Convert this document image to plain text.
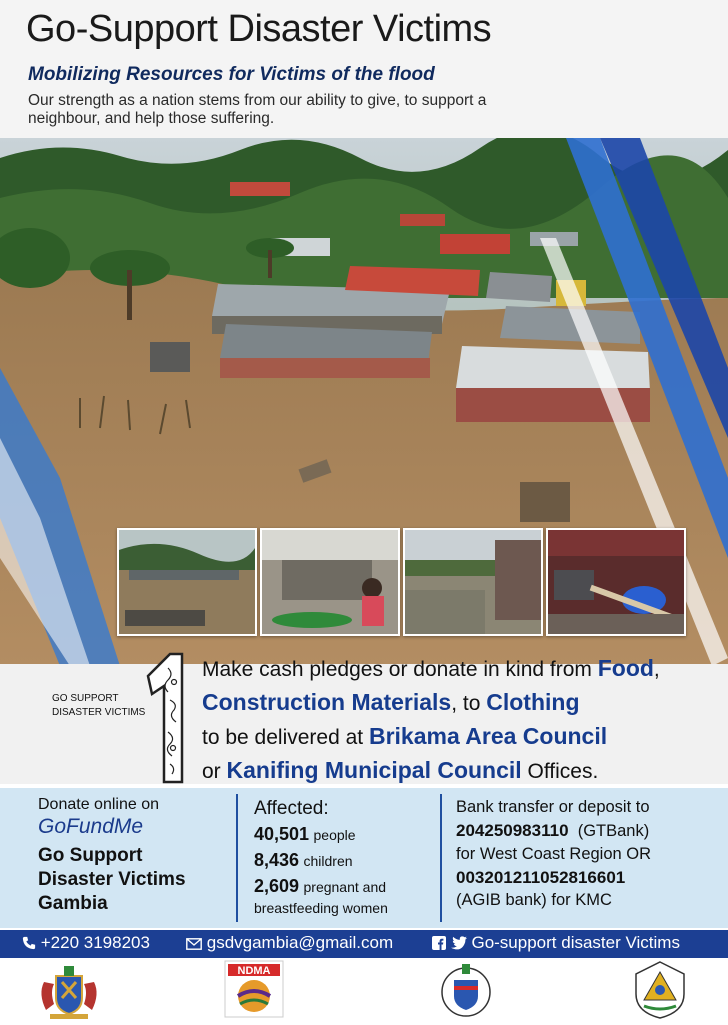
Go-Support Disaster Victims
Mobilizing Resources for Victims of the flood
Our strength as a nation stems from our ability to give, to support a neighbour, and help those suffering.
GO SUPPORT DISASTER VICTIMS
Make cash pledges or donate in kind from Food,
Construction Materials, to Clothing
to be delivered at Brikama Area Council
or Kanifing Municipal Council Offices.
Donate online on
GoFundMe
Go Support
Disaster Victims
Gambia
Affected:
40,501 people
8,436 children
2,609 pregnant and
breastfeeding women
Bank transfer or deposit to
204250983110 (GTBank)
for West Coast Region OR
003201211052816601
(AGIB bank) for KMC
+220 3198203	gsdvgambia@gmail.com	Go-support disaster Victims
NDMA
